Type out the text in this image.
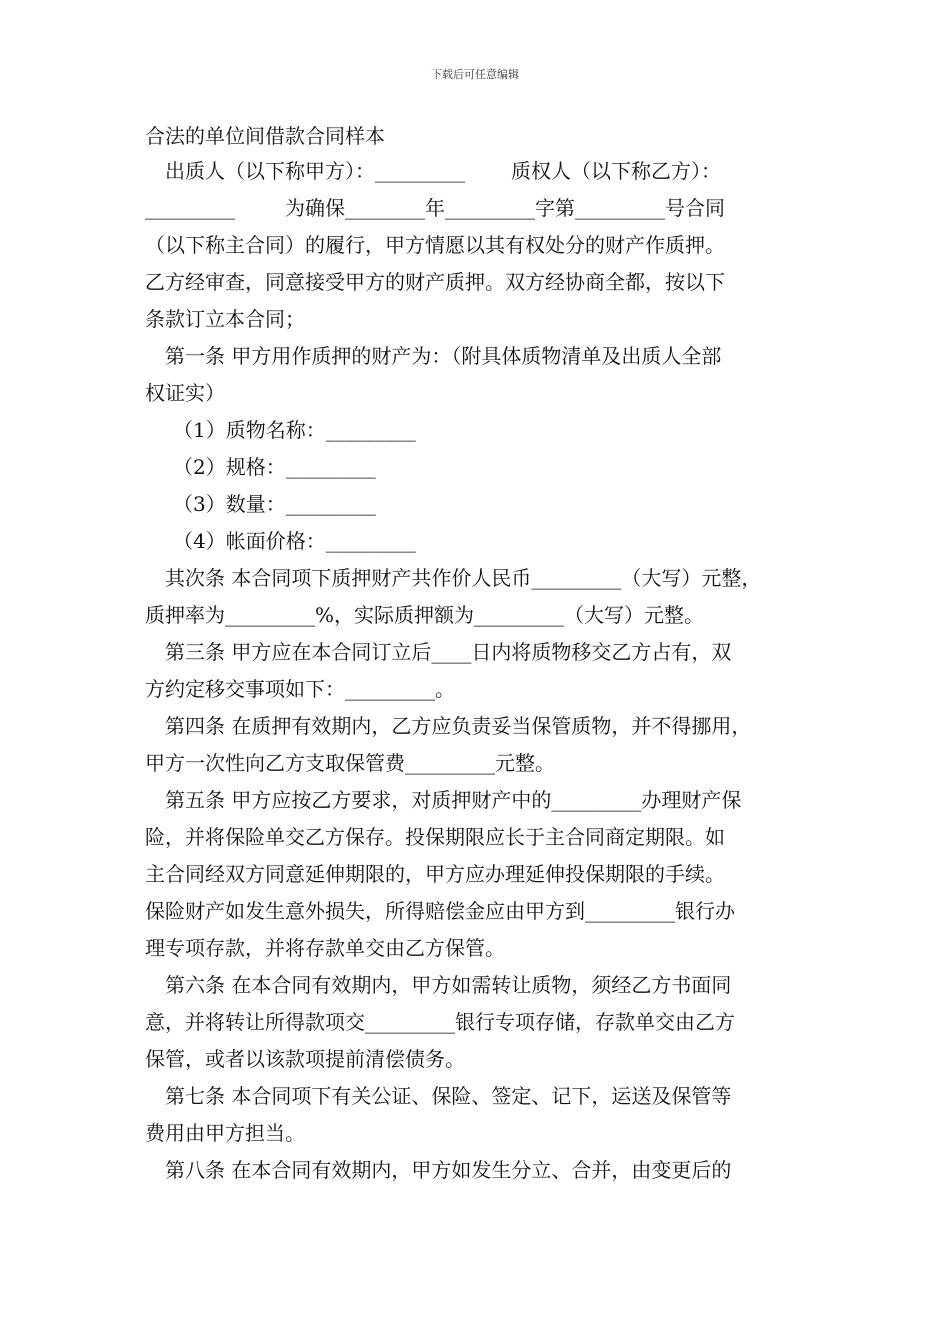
下载后可任意编辑
合法的单位间借款合同样本
出质人（以下称甲方）：_________ 质权人（以下称乙方）：
_________	为确保________年_________字第_________号合同
（以下称主合同）的履行，甲方情愿以其有权处分的财产作质押。
乙方经审查，同意接受甲方的财产质押。双方经协商全都，按以下
条款订立本合同；
第一条 甲方用作质押的财产为：（附具体质物清单及出质人全部
权证实）
（1）质物名称：_________
（2）规格：_________
（3）数量：_________
（4）帐面价格：_________
其次条 本合同项下质押财产共作价人民币_________（大写）元整，
质押率为_________%，实际质押额为_________（大写）元整。
第三条 甲方应在本合同订立后____日内将质物移交乙方占有，双
方约定移交事项如下：_________。
第四条 在质押有效期内，乙方应负责妥当保管质物，并不得挪用，
甲方一次性向乙方支取保管费_________元整。
第五条 甲方应按乙方要求，对质押财产中的_________办理财产保
险，并将保险单交乙方保存。投保期限应长于主合同商定期限。如
主合同经双方同意延伸期限的，甲方应办理延伸投保期限的手续。
保险财产如发生意外损失，所得赔偿金应由甲方到_________银行办
理专项存款，并将存款单交由乙方保管。
第六条 在本合同有效期内，甲方如需转让质物，须经乙方书面同
意，并将转让所得款项交_________银行专项存储，存款单交由乙方
保管，或者以该款项提前清偿债务。
第七条 本合同项下有关公证、保险、签定、记下，运送及保管等
费用由甲方担当。
第八条 在本合同有效期内，甲方如发生分立、合并，由变更后的
